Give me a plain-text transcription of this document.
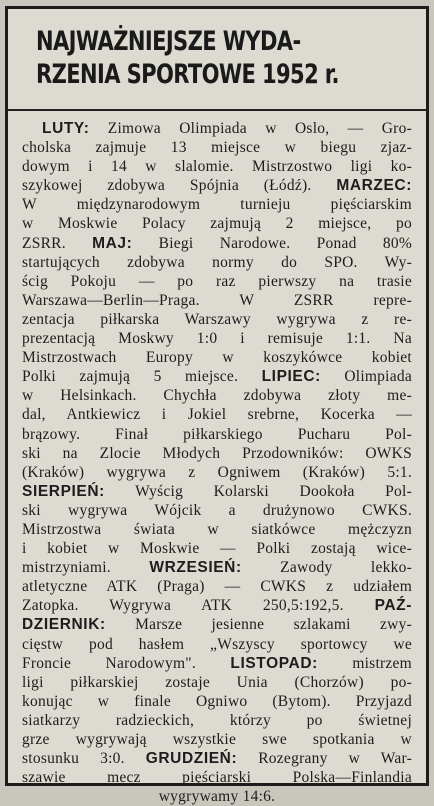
NAJWAŻNIEJSZE WYDA-
RZENIA SPORTOWE 1952 r.
LUTY: Zimowa Olimpiada w Oslo, — Gro-
cholska zajmuje 13 miejsce w biegu zjaz-
dowym i 14 w slalomie. Mistrzostwo ligi ko-
szykowej zdobywa Spójnia (Łódź). MARZEC:
W międzynarodowym turnieju pięściarskim
w Moskwie Polacy zajmują 2 miejsce, po
ZSRR. MAJ: Biegi Narodowe. Ponad 80%
startujących zdobywa normy do SPO. Wy-
ścig Pokoju — po raz pierwszy na trasie
Warszawa—Berlin—Praga. W ZSRR repre-
zentacja piłkarska Warszawy wygrywa z re-
prezentacją Moskwy 1:0 i remisuje 1:1. Na
Mistrzostwach Europy w koszykówce kobiet
Polki zajmują 5 miejsce. LIPIEC: Olimpiada
w Helsinkach. Chychła zdobywa złoty me-
dal, Antkiewicz i Jokiel srebrne, Kocerka —
brązowy. Finał piłkarskiego Pucharu Pol-
ski na Zlocie Młodych Przodowników: OWKS
(Kraków) wygrywa z Ogniwem (Kraków) 5:1.
SIERPIEŃ: Wyścig Kolarski Dookoła Pol-
ski wygrywa Wójcik a drużynowo CWKS.
Mistrzostwa świata w siatkówce mężczyzn
i kobiet w Moskwie — Polki zostają wice-
mistrzyniami. WRZESIEŃ: Zawody lekko-
atletyczne ATK (Praga) — CWKS z udziałem
Zatopka. Wygrywa ATK 250,5:192,5. PAŹ-
DZIERNIK: Marsze jesienne szlakami zwy-
cięstw pod hasłem „Wszyscy sportowcy we
Froncie Narodowym". LISTOPAD: mistrzem
ligi piłkarskiej zostaje Unia (Chorzów) po-
konując w finale Ogniwo (Bytom). Przyjazd
siatkarzy radzieckich, którzy po świetnej
grze wygrywają wszystkie swe spotkania w
stosunku 3:0. GRUDZIEŃ: Rozegrany w War-
szawie mecz pięściarski Polska—Finlandia
wygrywamy 14:6.
